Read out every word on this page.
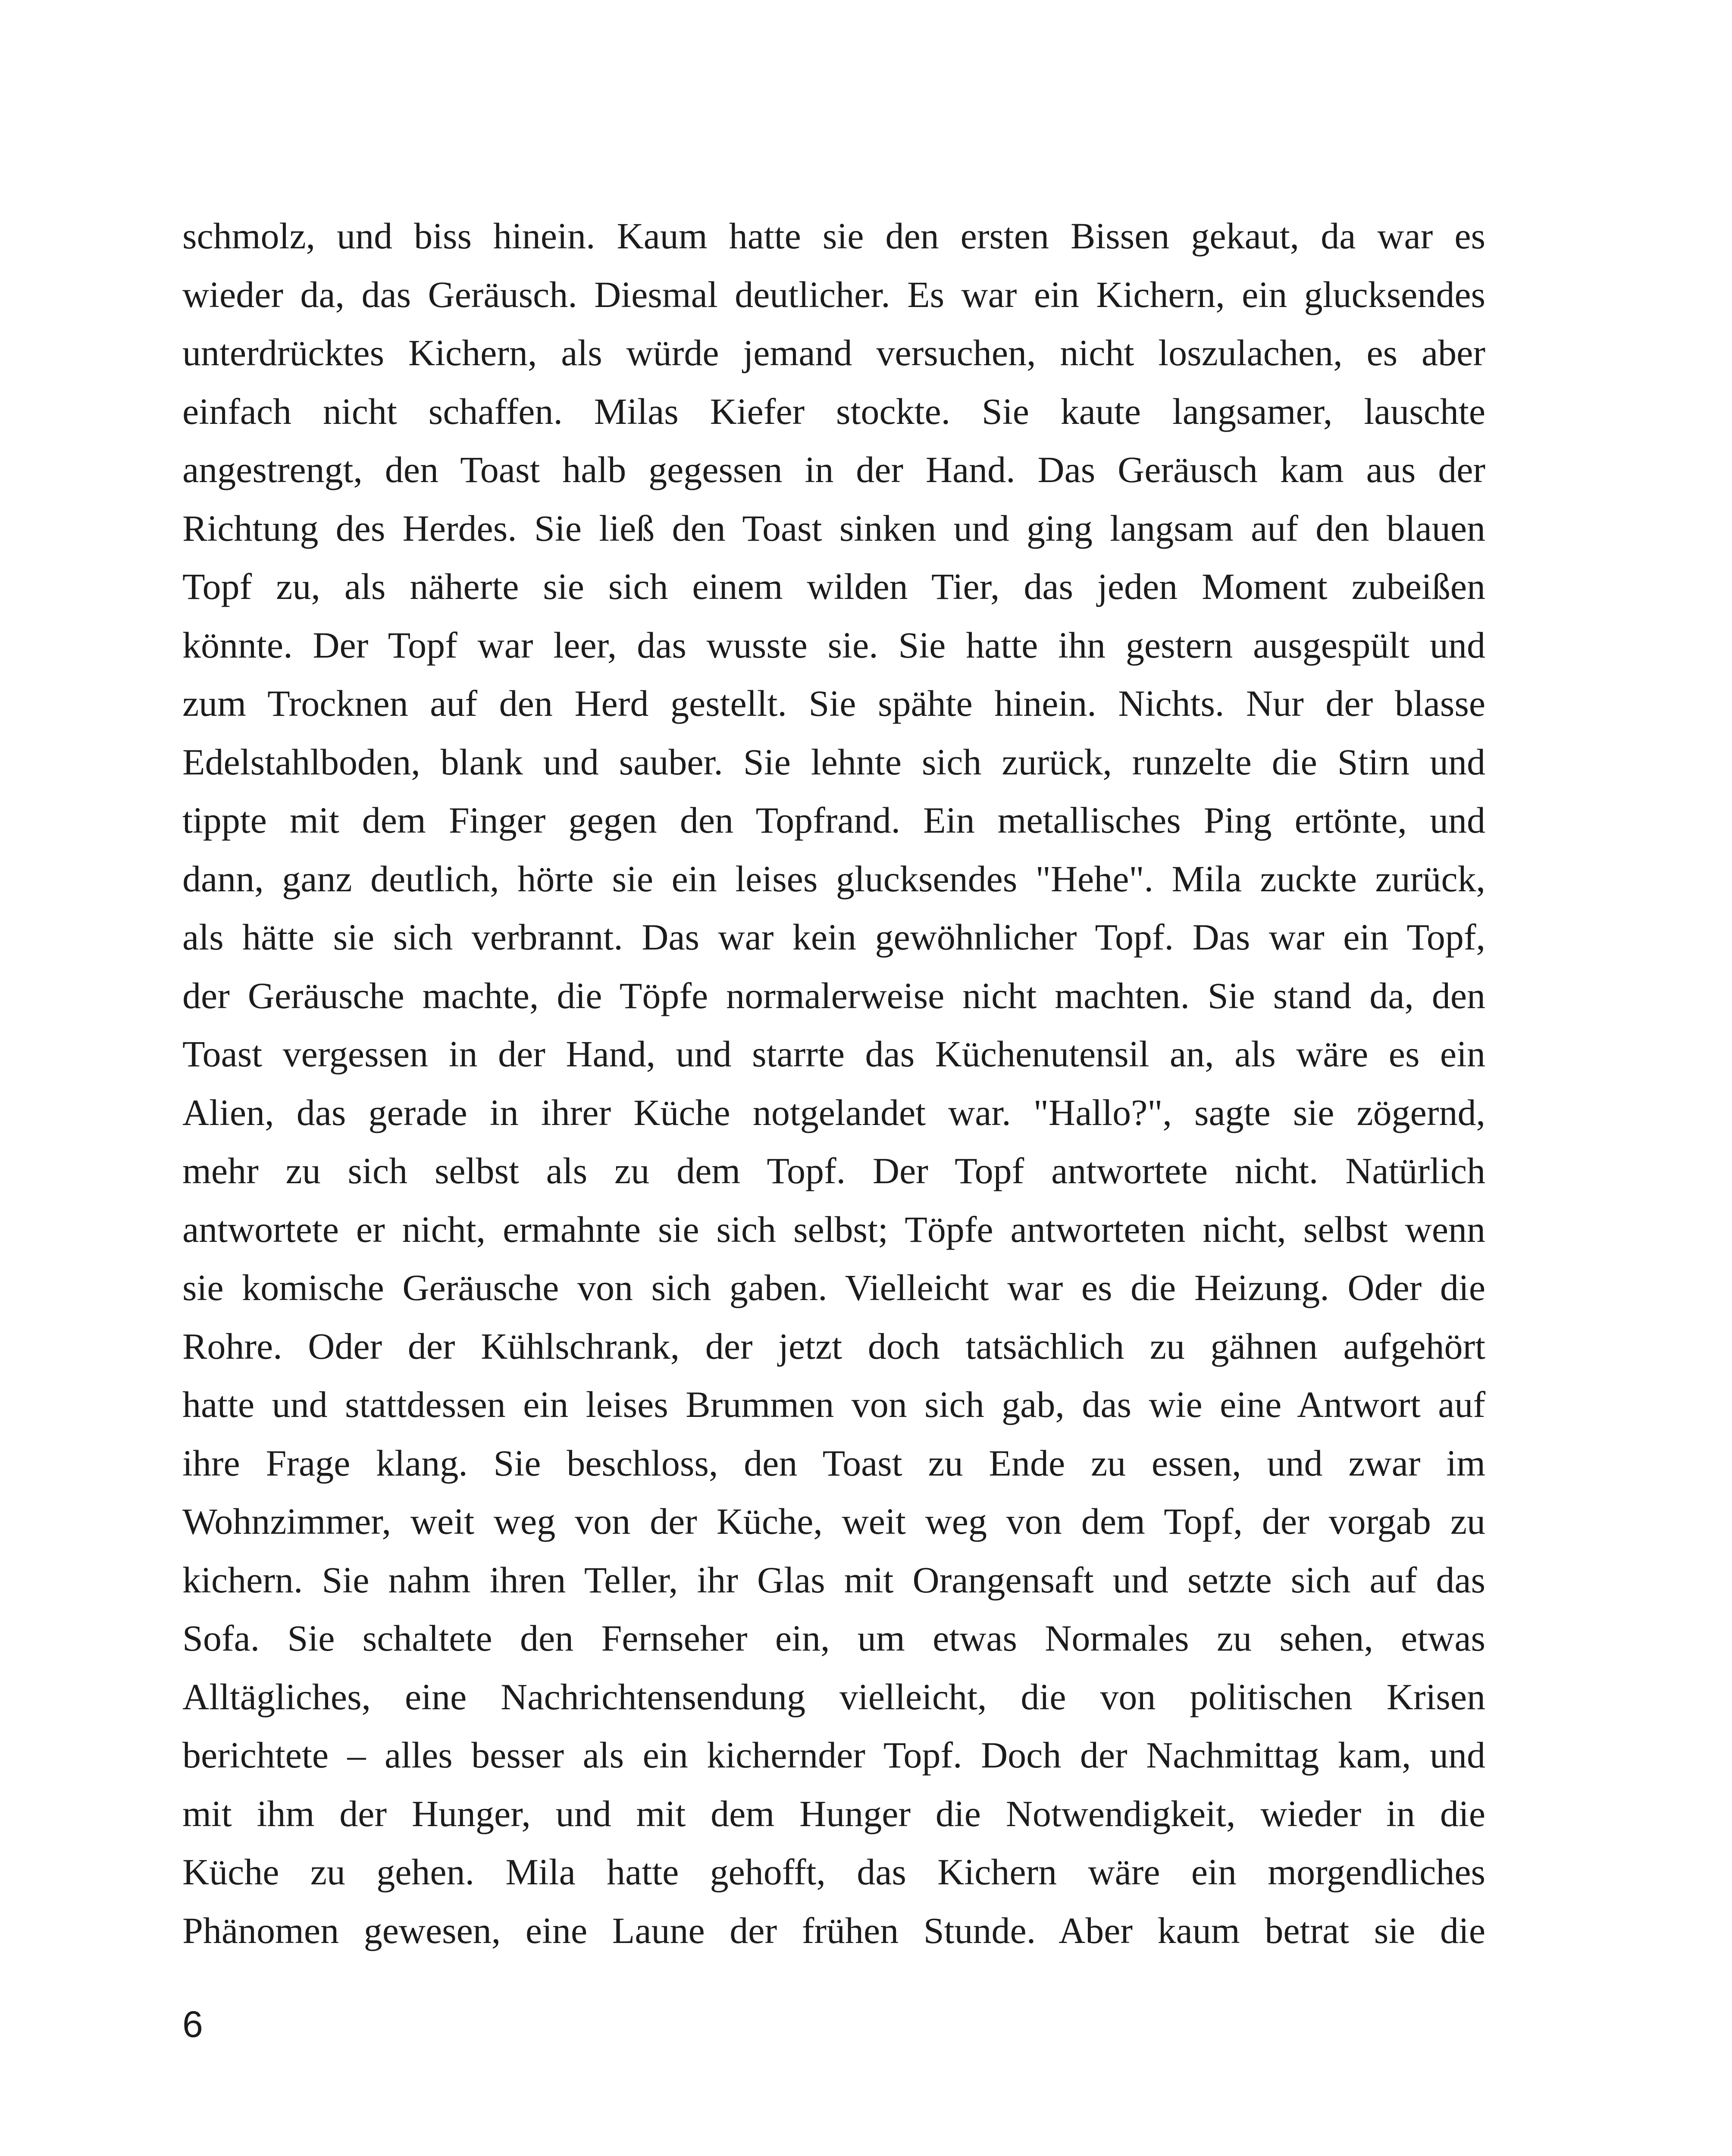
schmolz, und biss hinein. Kaum hatte sie den ersten Bissen gekaut, da war es
wieder da, das Geräusch. Diesmal deutlicher. Es war ein Kichern, ein glucksendes
unterdrücktes Kichern, als würde jemand versuchen, nicht loszulachen, es aber
einfach nicht schaffen. Milas Kiefer stockte. Sie kaute langsamer, lauschte
angestrengt, den Toast halb gegessen in der Hand. Das Geräusch kam aus der
Richtung des Herdes. Sie ließ den Toast sinken und ging langsam auf den blauen
Topf zu, als näherte sie sich einem wilden Tier, das jeden Moment zubeißen
könnte. Der Topf war leer, das wusste sie. Sie hatte ihn gestern ausgespült und
zum Trocknen auf den Herd gestellt. Sie spähte hinein. Nichts. Nur der blasse
Edelstahlboden, blank und sauber. Sie lehnte sich zurück, runzelte die Stirn und
tippte mit dem Finger gegen den Topfrand. Ein metallisches Ping ertönte, und
dann, ganz deutlich, hörte sie ein leises glucksendes "Hehe". Mila zuckte zurück,
als hätte sie sich verbrannt. Das war kein gewöhnlicher Topf. Das war ein Topf,
der Geräusche machte, die Töpfe normalerweise nicht machten. Sie stand da, den
Toast vergessen in der Hand, und starrte das Küchenutensil an, als wäre es ein
Alien, das gerade in ihrer Küche notgelandet war. "Hallo?", sagte sie zögernd,
mehr zu sich selbst als zu dem Topf. Der Topf antwortete nicht. Natürlich
antwortete er nicht, ermahnte sie sich selbst; Töpfe antworteten nicht, selbst wenn
sie komische Geräusche von sich gaben. Vielleicht war es die Heizung. Oder die
Rohre. Oder der Kühlschrank, der jetzt doch tatsächlich zu gähnen aufgehört
hatte und stattdessen ein leises Brummen von sich gab, das wie eine Antwort auf
ihre Frage klang. Sie beschloss, den Toast zu Ende zu essen, und zwar im
Wohnzimmer, weit weg von der Küche, weit weg von dem Topf, der vorgab zu
kichern. Sie nahm ihren Teller, ihr Glas mit Orangensaft und setzte sich auf das
Sofa. Sie schaltete den Fernseher ein, um etwas Normales zu sehen, etwas
Alltägliches, eine Nachrichtensendung vielleicht, die von politischen Krisen
berichtete – alles besser als ein kichernder Topf. Doch der Nachmittag kam, und
mit ihm der Hunger, und mit dem Hunger die Notwendigkeit, wieder in die
Küche zu gehen. Mila hatte gehofft, das Kichern wäre ein morgendliches
Phänomen gewesen, eine Laune der frühen Stunde. Aber kaum betrat sie die
6
